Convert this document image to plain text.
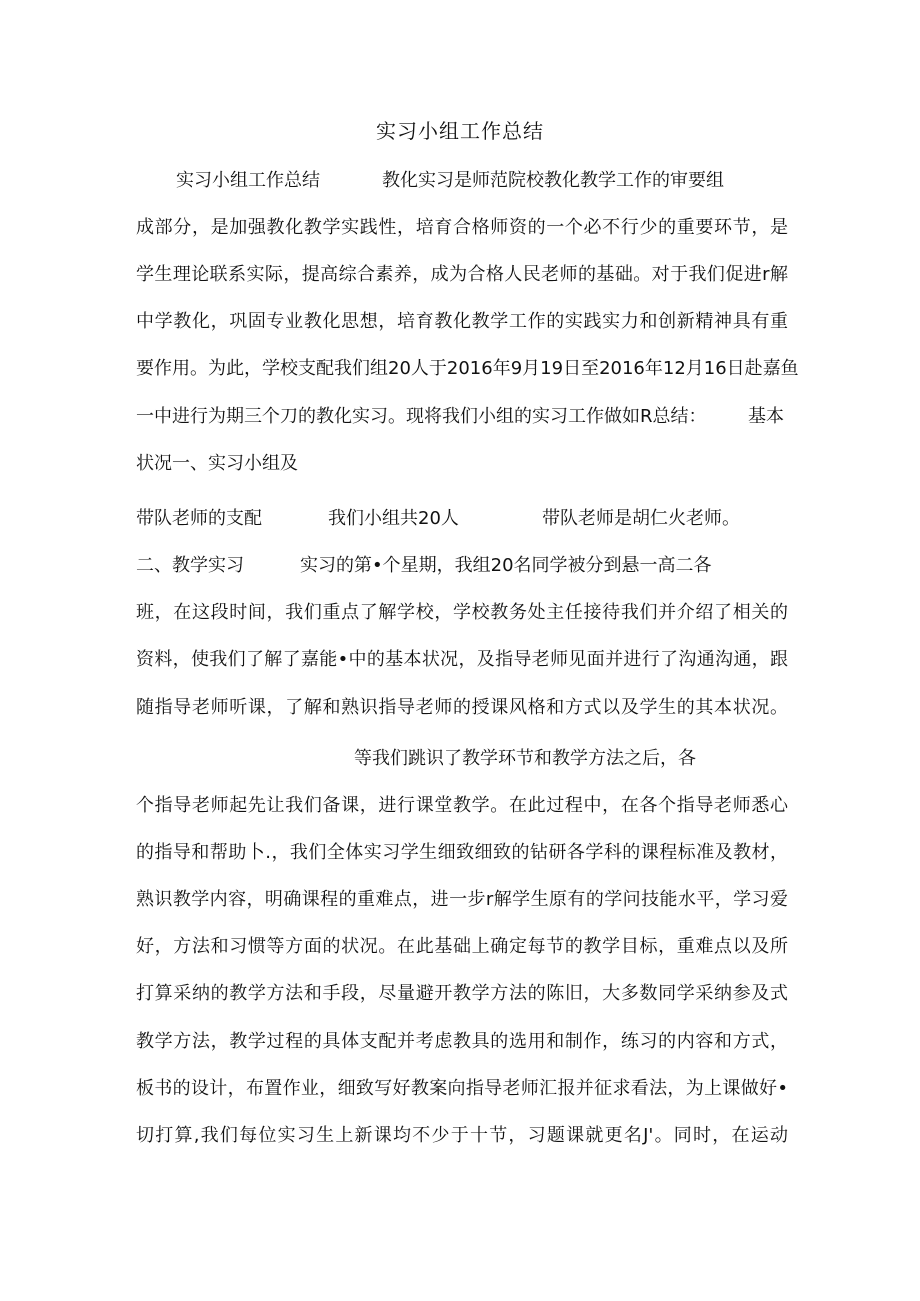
实习小组工作总结
实习小组工作总结	教化实习是师范院校教化教学工作的审要组
成部分，是加强教化教学实践性，培育合格师资的一个必不行少的重要环节，是
学生理论联系实际，提高综合素养，成为合格人民老师的基础。对于我们促进r解
中学教化，巩固专业教化思想，培育教化教学工作的实践实力和创新精神具有重
要作用。为此，学校支配我们组20人于2016年9月19日至2016年12月16日赴嘉鱼
一中进行为期三个刀的教化实习。现将我们小组的实习工作做如R总结： 基本
状况一、实习小组及
带队老师的支配	我们小组共20人	带队老师是胡仁火老师。
二、教学实习	实习的第•个星期，我组20名同学被分到悬一高二各
班，在这段时间，我们重点了解学校，学校教务处主任接待我们并介绍了相关的
资料，使我们了解了嘉能•中的基本状况，及指导老师见面并进行了沟通沟通，跟
随指导老师听课，了解和熟识指导老师的授课风格和方式以及学生的其本状况。
等我们跳识了教学环节和教学方法之后，各
个指导老师起先让我们备课，进行课堂教学。在此过程中，在各个指导老师悉心
的指导和帮助卜.，我们全体实习学生细致细致的钻研各学科的课程标准及教材，
熟识教学内容，明确课程的重难点，进一步r解学生原有的学问技能水平，学习爱
好，方法和习惯等方面的状况。在此基础上确定每节的教学目标，重难点以及所
打算采纳的教学方法和手段，尽量避开教学方法的陈旧，大多数同学采纳参及式
教学方法，教学过程的具体支配并考虑教具的选用和制作，练习的内容和方式，
板书的设计，布置作业，细致写好教案向指导老师汇报并征求看法，为上课做好•
切打算,我们每位实习生上新课均不少于十节，习题课就更名J'。同时，在运动
